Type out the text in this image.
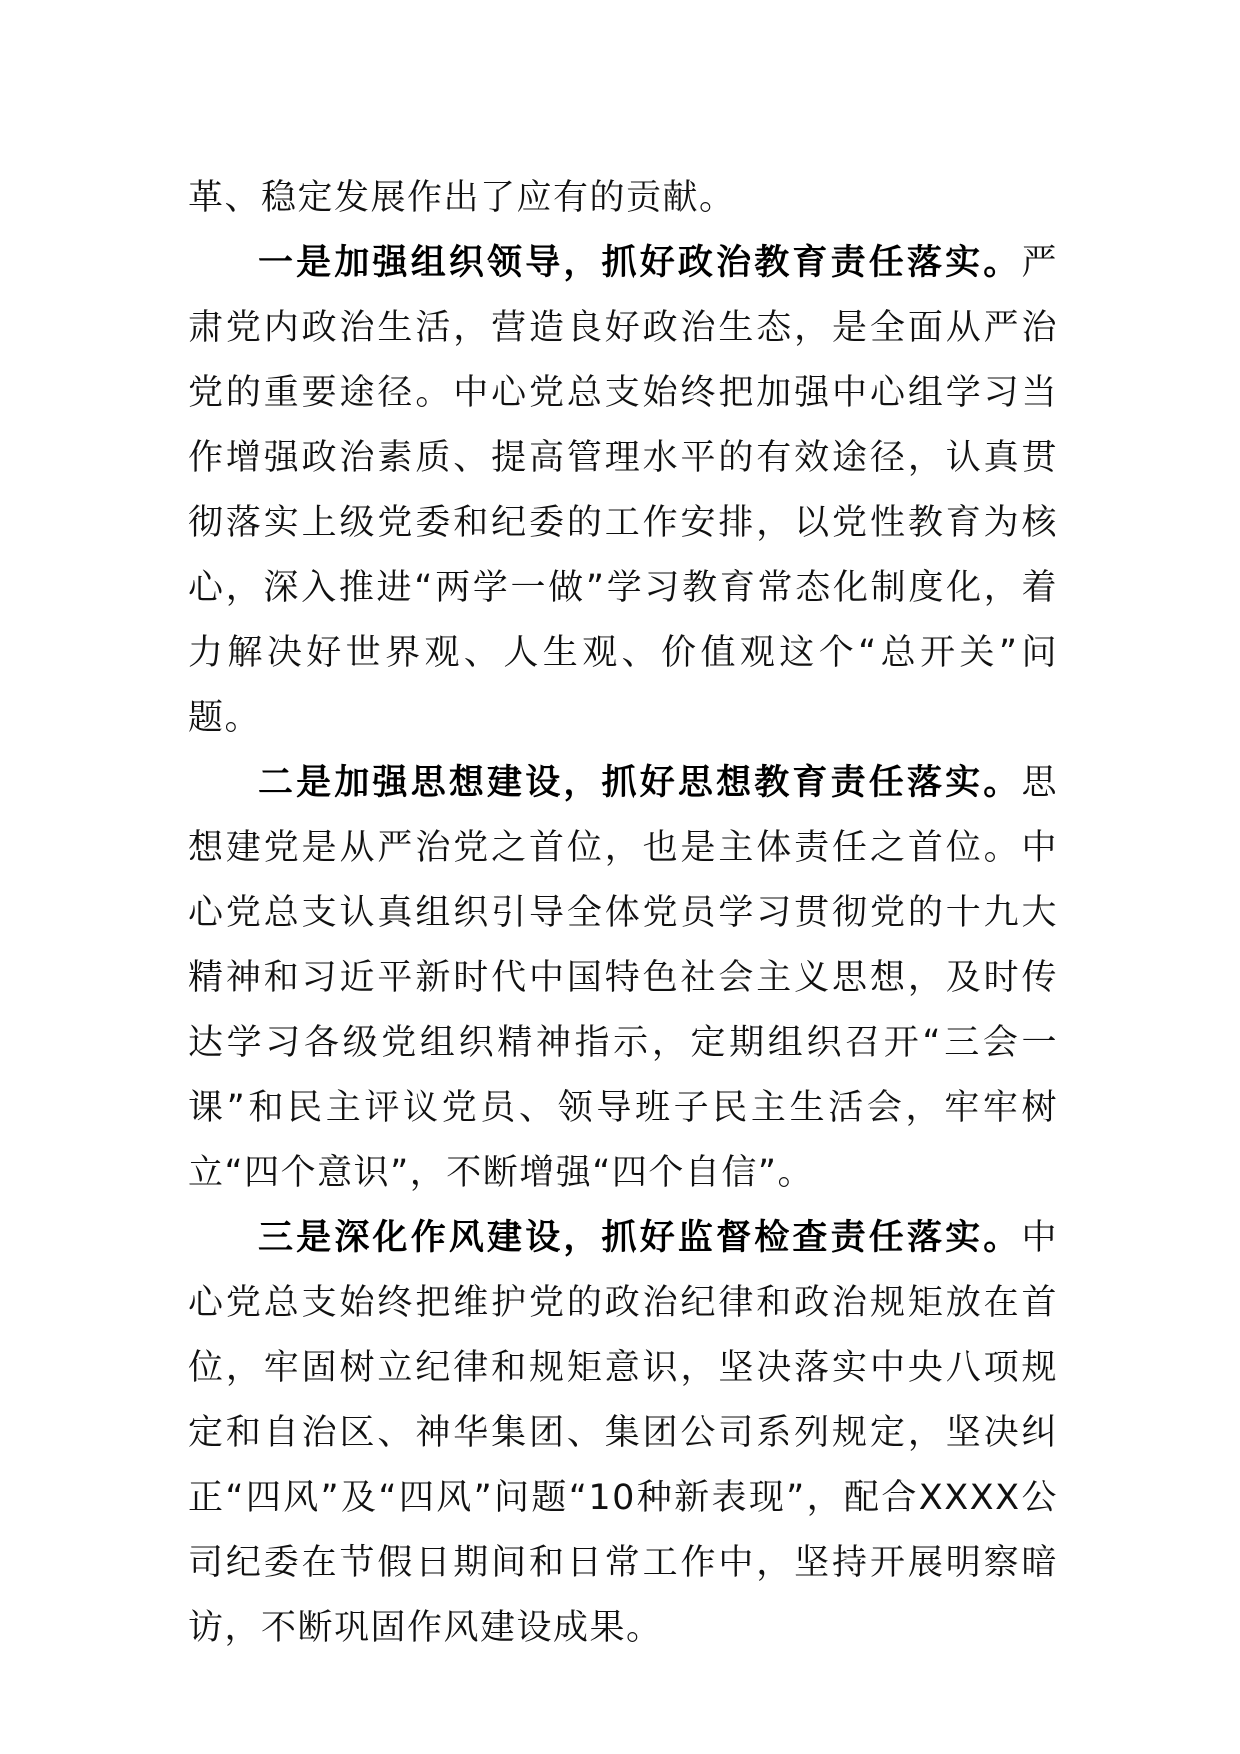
革、稳定发展作出了应有的贡献。

一是加强组织领导，抓好政治教育责任落实。严肃党内政治生活，营造良好政治生态，是全面从严治党的重要途径。中心党总支始终把加强中心组学习当作增强政治素质、提高管理水平的有效途径，认真贯彻落实上级党委和纪委的工作安排，以党性教育为核心，深入推进“两学一做”学习教育常态化制度化，着力解决好世界观、人生观、价值观这个“总开关”问题。

二是加强思想建设，抓好思想教育责任落实。思想建党是从严治党之首位，也是主体责任之首位。中心党总支认真组织引导全体党员学习贯彻党的十九大精神和习近平新时代中国特色社会主义思想，及时传达学习各级党组织精神指示，定期组织召开“三会一课”和民主评议党员、领导班子民主生活会，牢牢树立“四个意识”，不断增强“四个自信”。

三是深化作风建设，抓好监督检查责任落实。中心党总支始终把维护党的政治纪律和政治规矩放在首位，牢固树立纪律和规矩意识，坚决落实中央八项规定和自治区、神华集团、集团公司系列规定，坚决纠正“四风”及“四风”问题“10种新表现”，配合XXXX公司纪委在节假日期间和日常工作中，坚持开展明察暗访，不断巩固作风建设成果。
